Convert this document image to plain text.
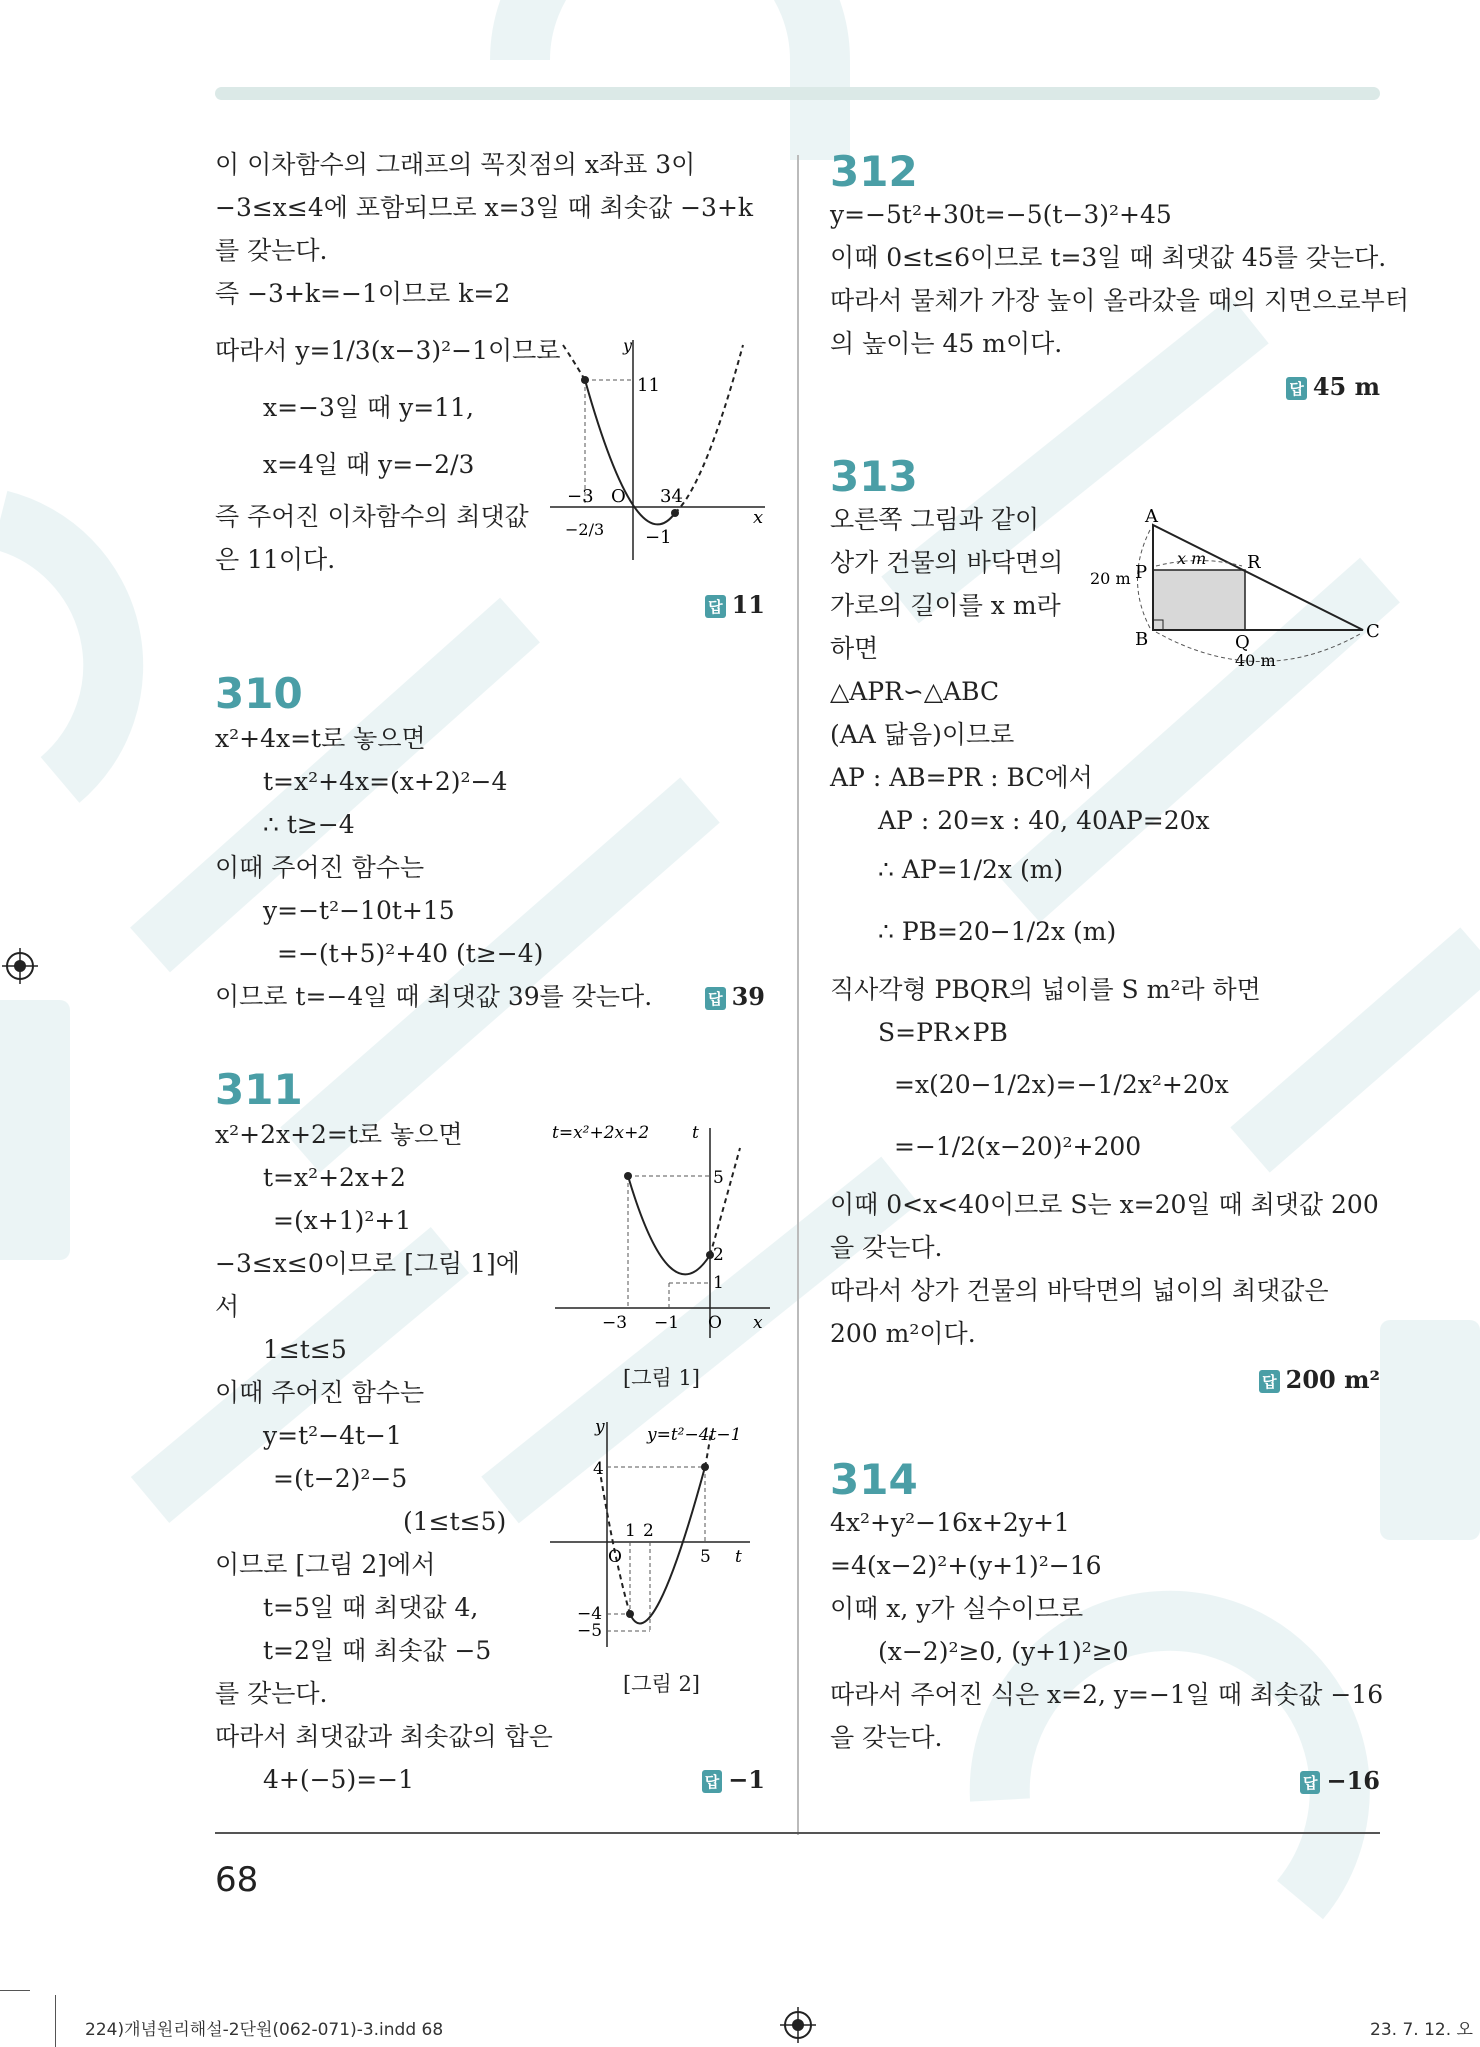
이 이차함수의 그래프의 꼭짓점의 x좌표 3이
−3≤x≤4에 포함되므로 x=3일 때 최솟값 −3+k
를 갖는다.
즉 −3+k=−1이므로 k=2
따라서 y=1/3(x−3)²−1이므로
x=−3일 때 y=11,
x=4일 때 y=−2/3
즉 주어진 이차함수의 최댓값
은 11이다.
답 11
y
x
11
−3 O 34
−1
−2/3
310
x²+4x=t로 놓으면
t=x²+4x=(x+2)²−4
∴ t≥−4
이때 주어진 함수는
y=−t²−10t+15
=−(t+5)²+40 (t≥−4)
이므로 t=−4일 때 최댓값 39를 갖는다.	답 39
311
x²+2x+2=t로 놓으면
t=x²+2x+2
=(x+1)²+1
−3≤x≤0이므로 [그림 1]에
서
1≤t≤5
이때 주어진 함수는
y=t²−4t−1
=(t−2)²−5
(1≤t≤5)
이므로 [그림 2]에서
t=5일 때 최댓값 4,
t=2일 때 최솟값 −5
를 갖는다.
따라서 최댓값과 최솟값의 합은
4+(−5)=−1	답 −1
t=x²+2x+2	t
5
2
1
−3 −1 O x
[그림 1]
y y=t²−4t−1
4
1 2
5
O	t
−4
−5
[그림 2]
312
y=−5t²+30t=−5(t−3)²+45
이때 0≤t≤6이므로 t=3일 때 최댓값 45를 갖는다.
따라서 물체가 가장 높이 올라갔을 때의 지면으로부터
의 높이는 45 m이다.
답 45 m
313
오른쪽 그림과 같이
상가 건물의 바닥면의
가로의 길이를 x m라
하면
△APR∽△ABC
(AA 닮음)이므로
AP : AB=PR : BC에서
AP : 20=x : 40, 40AP=20x
∴ AP=1/2x (m)
∴ PB=20−1/2x (m)
직사각형 PBQR의 넓이를 S m²라 하면
S=PR×PB
=x(20−1/2x)=−1/2x²+20x
=−1/2(x−20)²+200
이때 0<x<40이므로 S는 x=20일 때 최댓값 200
을 갖는다.
따라서 상가 건물의 바닥면의 넓이의 최댓값은
200 m²이다.
답 200 m²
A
P	R
B	Q
C
x m
20 m
40 m
314
4x²+y²−16x+2y+1
=4(x−2)²+(y+1)²−16
이때 x, y가 실수이므로
(x−2)²≥0, (y+1)²≥0
따라서 주어진 식은 x=2, y=−1일 때 최솟값 −16
을 갖는다.
답 −16
68
224)개념원리해설-2단원(062-071)-3.indd 68	23. 7. 12. 오
